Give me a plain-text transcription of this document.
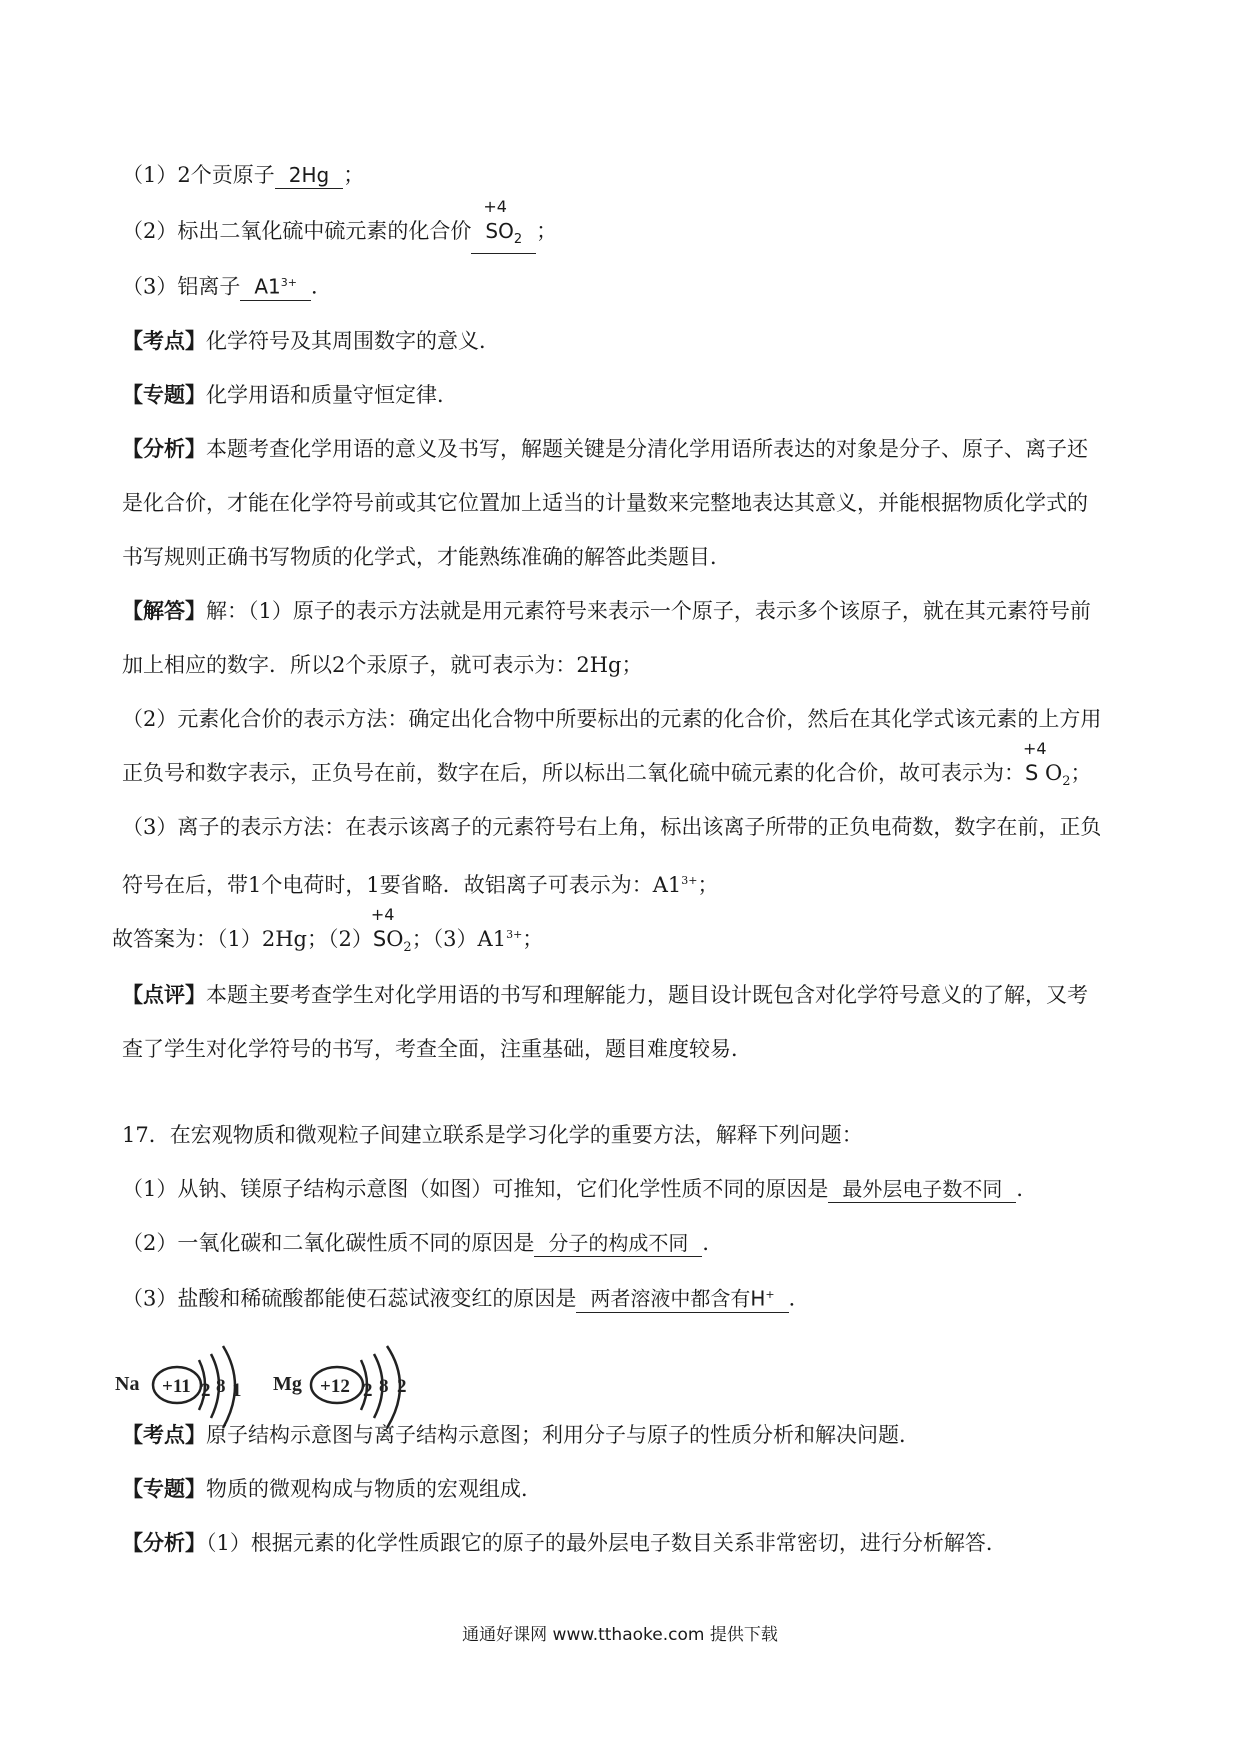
（1）2个贡原子 2Hg ；
（2）标出二氧化硫中硫元素的化合价
+4
$SO_2$ ；
（3）铝离子 $A1^{3+}$ ．
【考点】化学符号及其周围数字的意义．
【专题】化学用语和质量守恒定律．
【分析】本题考查化学用语的意义及书写，解题关键是分清化学用语所表达的对象是分子、原子、离子还
是化合价，才能在化学符号前或其它位置加上适当的计量数来完整地表达其意义，并能根据物质化学式的
书写规则正确书写物质的化学式，才能熟练准确的解答此类题目．
【解答】解：（1）原子的表示方法就是用元素符号来表示一个原子，表示多个该原子，就在其元素符号前
加上相应的数字．所以2个汞原子，就可表示为：2Hg；
（2）元素化合价的表示方法：确定出化合物中所要标出的元素的化合价，然后在其化学式该元素的上方用
正负号和数字表示，正负号在前，数字在后，所以标出二氧化硫中硫元素的化合价，故可表示为：
+4
S $O_2$；
（3）离子的表示方法：在表示该离子的元素符号右上角，标出该离子所带的正负电荷数，数字在前，正负
符号在后，带1个电荷时，1要省略．故铝离子可表示为：$A1^{3+}$；
故答案为：（1）2Hg；（2）
+4
$SO_2$；$(3)A1^{3+}$；
【点评】本题主要考查学生对化学用语的书写和理解能力，题目设计既包含对化学符号意义的了解，又考
查了学生对化学符号的书写，考查全面，注重基础，题目难度较易．
17．在宏观物质和微观粒子间建立联系是学习化学的重要方法，解释下列问题：
（1）从钠、镁原子结构示意图（如图）可推知，它们化学性质不同的原因是 最外层电子数不同 ．
（2）一氧化碳和二氧化碳性质不同的原因是 分子的构成不同 ．
（3）盐酸和稀硫酸都能使石蕊试液变红的原因是 两者溶液中都含有H+ ．
Na +11 2 8 1 Mg +12 2 8 2
【考点】原子结构示意图与离子结构示意图；利用分子与原子的性质分析和解决问题．
【专题】物质的微观构成与物质的宏观组成．
【分析】（1）根据元素的化学性质跟它的原子的最外层电子数目关系非常密切，进行分析解答．
通通好课网 www.tthaoke.com 提供下载
